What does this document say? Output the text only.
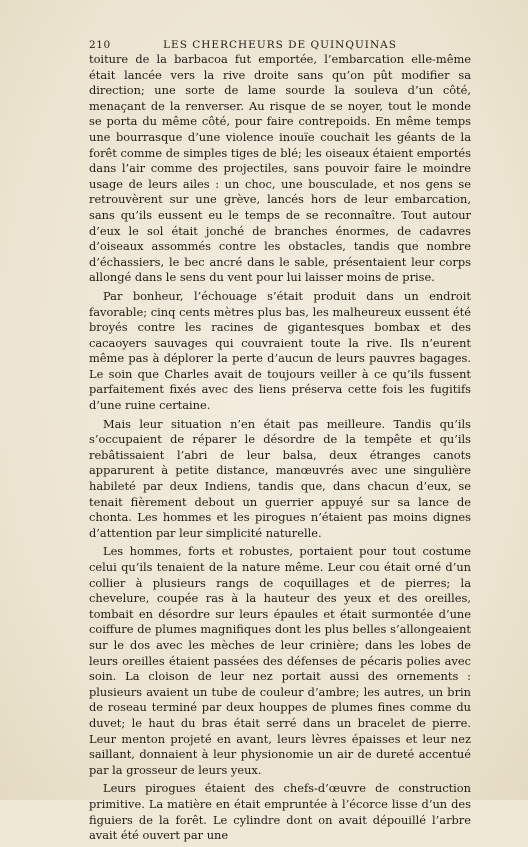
210	LES CHERCHEURS DE QUINQUINAS

toiture de la barbacoa fut emportée, l’embarcation elle-même était lancée vers la rive droite sans qu’on pût modifier sa direction; une sorte de lame sourde la souleva d’un côté, menaçant de la renverser. Au risque de se noyer, tout le monde se porta du même côté, pour faire contrepoids. En même temps une bourrasque d’une violence inouïe couchait les géants de la forêt comme de simples tiges de blé; les oiseaux étaient emportés dans l’air comme des projectiles, sans pouvoir faire le moindre usage de leurs ailes : un choc, une bousculade, et nos gens se retrouvèrent sur une grève, lancés hors de leur embarcation, sans qu’ils eussent eu le temps de se reconnaître. Tout autour d’eux le sol était jonché de branches énormes, de cadavres d’oiseaux assommés contre les obstacles, tandis que nombre d’échassiers, le bec ancré dans le sable, présentaient leur corps allongé dans le sens du vent pour lui laisser moins de prise.

Par bonheur, l’échouage s’était produit dans un endroit favorable; cinq cents mètres plus bas, les malheureux eussent été broyés contre les racines de gigantesques bombax et des cacaoyers sauvages qui couvraient toute la rive. Ils n’eurent même pas à déplorer la perte d’aucun de leurs pauvres bagages. Le soin que Charles avait de toujours veiller à ce qu’ils fussent parfaitement fixés avec des liens préserva cette fois les fugitifs d’une ruine certaine.

Mais leur situation n’en était pas meilleure. Tandis qu’ils s’occupaient de réparer le désordre de la tempête et qu’ils rebâtissaient l’abri de leur balsa, deux étranges canots apparurent à petite distance, manœuvrés avec une singulière habileté par deux Indiens, tandis que, dans chacun d’eux, se tenait fièrement debout un guerrier appuyé sur sa lance de chonta. Les hommes et les pirogues n’étaient pas moins dignes d’attention par leur simplicité naturelle.

Les hommes, forts et robustes, portaient pour tout costume celui qu’ils tenaient de la nature même. Leur cou était orné d’un collier à plusieurs rangs de coquillages et de pierres; la chevelure, coupée ras à la hauteur des yeux et des oreilles, tombait en désordre sur leurs épaules et était surmontée d’une coiffure de plumes magnifiques dont les plus belles s’allongeaient sur le dos avec les mèches de leur crinière; dans les lobes de leurs oreilles étaient passées des défenses de pécaris polies avec soin. La cloison de leur nez portait aussi des ornements : plusieurs avaient un tube de couleur d’ambre; les autres, un brin de roseau terminé par deux houppes de plumes fines comme du duvet; le haut du bras était serré dans un bracelet de pierre. Leur menton projeté en avant, leurs lèvres épaisses et leur nez saillant, donnaient à leur physionomie un air de dureté accentué par la grosseur de leurs yeux.

Leurs pirogues étaient des chefs-d’œuvre de construction primitive. La matière en était empruntée à l’écorce lisse d’un des figuiers de la forêt. Le cylindre dont on avait dépouillé l’arbre avait été ouvert par une
